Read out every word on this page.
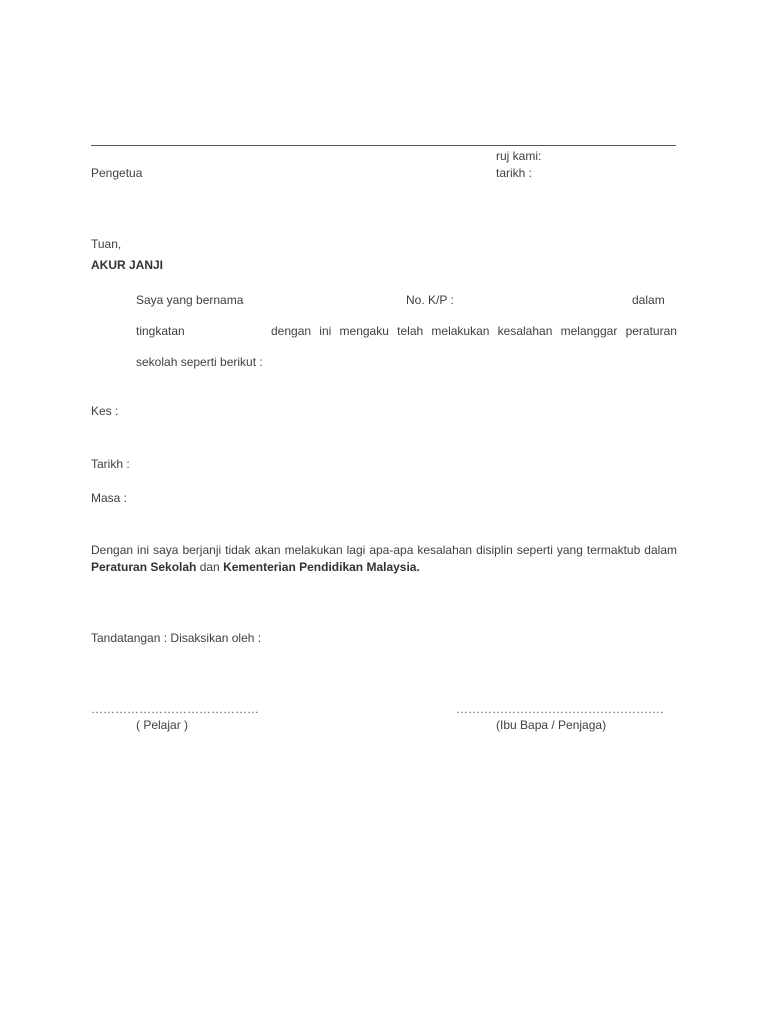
ruj kami:
Pengetua	tarikh :
Tuan,
AKUR JANJI
Saya yang bernama	No. K/P :	dalam
tingkatan	dengan ini mengaku telah melakukan kesalahan melanggar peraturan
sekolah seperti berikut :
Kes :
Tarikh :
Masa :
Dengan ini saya berjanji tidak akan melakukan lagi apa-apa kesalahan disiplin seperti yang termaktub dalam Peraturan Sekolah dan Kementerian Pendidikan Malaysia.
Tandatangan : Disaksikan oleh :
……………………………………	…………………………………………….
( Pelajar )	(Ibu Bapa / Penjaga)
